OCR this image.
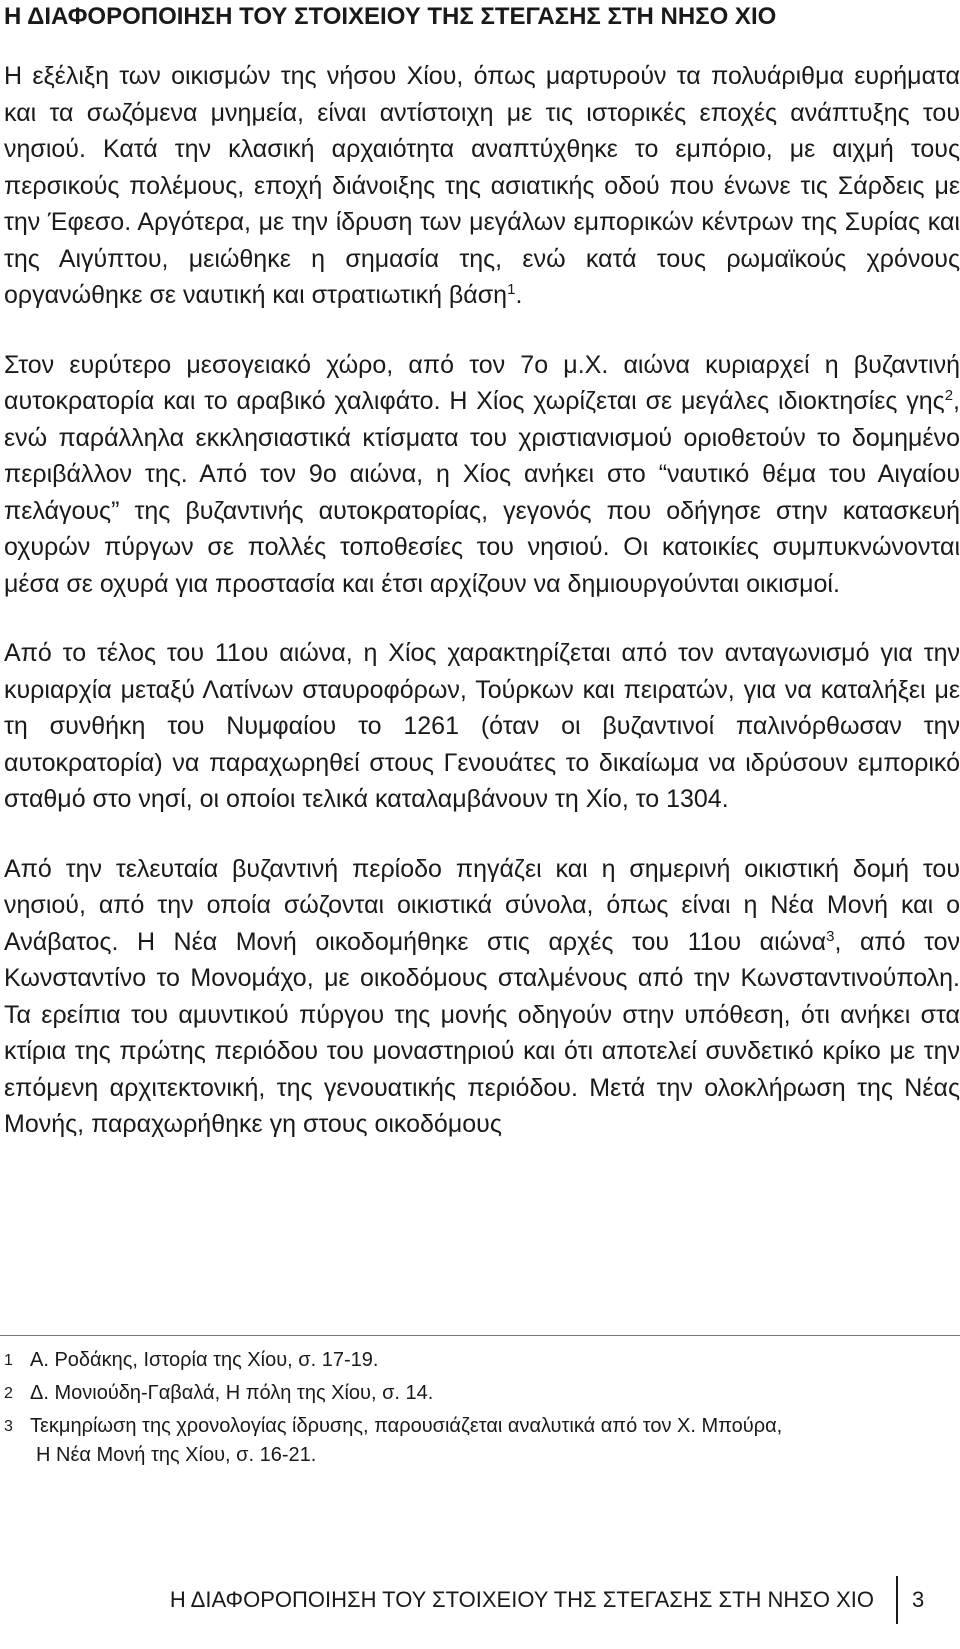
Η ΔΙΑΦΟΡΟΠΟΙΗΣΗ ΤΟΥ ΣΤΟΙΧΕΙΟΥ ΤΗΣ ΣΤΕΓΑΣΗΣ ΣΤΗ ΝΗΣΟ ΧΙΟ

Η εξέλιξη των οικισμών της νήσου Χίου, όπως μαρτυρούν τα πολυάριθμα ευρήματα και τα σωζόμενα μνημεία, είναι αντίστοιχη με τις ιστορικές εποχές ανάπτυξης του νησιού. Κατά την κλασική αρχαιότητα αναπτύχθηκε το εμπόριο, με αιχμή τους περσικούς πολέμους, εποχή διάνοιξης της ασιατικής οδού που ένωνε τις Σάρδεις με την Έφεσο. Αργότερα, με την ίδρυση των μεγάλων εμπορικών κέντρων της Συρίας και της Αιγύπτου, μειώθηκε η σημασία της, ενώ κατά τους ρωμαϊκούς χρόνους οργανώθηκε σε ναυτική και στρατιωτική βάση$^1$.

Στον ευρύτερο μεσογειακό χώρο, από τον 7ο μ.Χ. αιώνα κυριαρχεί η βυζαντινή αυτοκρατορία και το αραβικό χαλιφάτο. Η Χίος χωρίζεται σε μεγάλες ιδιοκτησίες γης$^2$, ενώ παράλληλα εκκλησιαστικά κτίσματα του χριστιανισμού οριοθετούν το δομημένο περιβάλλον της. Από τον 9ο αιώνα, η Χίος ανήκει στο “ναυτικό θέμα του Αιγαίου πελάγους” της βυζαντινής αυτοκρατορίας, γεγονός που οδήγησε στην κατασκευή οχυρών πύργων σε πολλές τοποθεσίες του νησιού. Οι κατοικίες συμπυκνώνονται μέσα σε οχυρά για προστασία και έτσι αρχίζουν να δημιουργούνται οικισμοί.

Από το τέλος του 11ου αιώνα, η Χίος χαρακτηρίζεται από τον ανταγωνισμό για την κυριαρχία μεταξύ Λατίνων σταυροφόρων, Τούρκων και πειρατών, για να καταλήξει με τη συνθήκη του Νυμφαίου το 1261 (όταν οι βυζαντινοί παλινόρθωσαν την αυτοκρατορία) να παραχωρηθεί στους Γενουάτες το δικαίωμα να ιδρύσουν εμπορικό σταθμό στο νησί, οι οποίοι τελικά καταλαμβάνουν τη Χίο, το 1304.

Από την τελευταία βυζαντινή περίοδο πηγάζει και η σημερινή οικιστική δομή του νησιού, από την οποία σώζονται οικιστικά σύνολα, όπως είναι η Νέα Μονή και ο Ανάβατος. Η Νέα Μονή οικοδομήθηκε στις αρχές του 11ου αιώνα$^3$, από τον Κωνσταντίνο το Μονομάχο, με οικοδόμους σταλμένους από την Κωνσταντινούπολη. Τα ερείπια του αμυντικού πύργου της μονής οδηγούν στην υπόθεση, ότι ανήκει στα κτίρια της πρώτης περιόδου του μοναστηριού και ότι αποτελεί συνδετικό κρίκο με την επόμενη αρχιτεκτονική, της γενουατικής περιόδου. Μετά την ολοκλήρωση της Νέας Μονής, παραχωρήθηκε γη στους οικοδόμους

1 Α. Ροδάκης, Ιστορία της Χίου, σ. 17-19.
2 Δ. Μονιούδη-Γαβαλά, Η πόλη της Χίου, σ. 14.
3 Τεκμηρίωση της χρονολογίας ίδρυσης, παρουσιάζεται αναλυτικά από τον Χ. Μπούρα,
Η Νέα Μονή της Χίου, σ. 16-21.
Η ΔΙΑΦΟΡΟΠΟΙΗΣΗ ΤΟΥ ΣΤΟΙΧΕΙΟΥ ΤΗΣ ΣΤΕΓΑΣΗΣ ΣΤΗ ΝΗΣΟ ΧΙΟ 3
